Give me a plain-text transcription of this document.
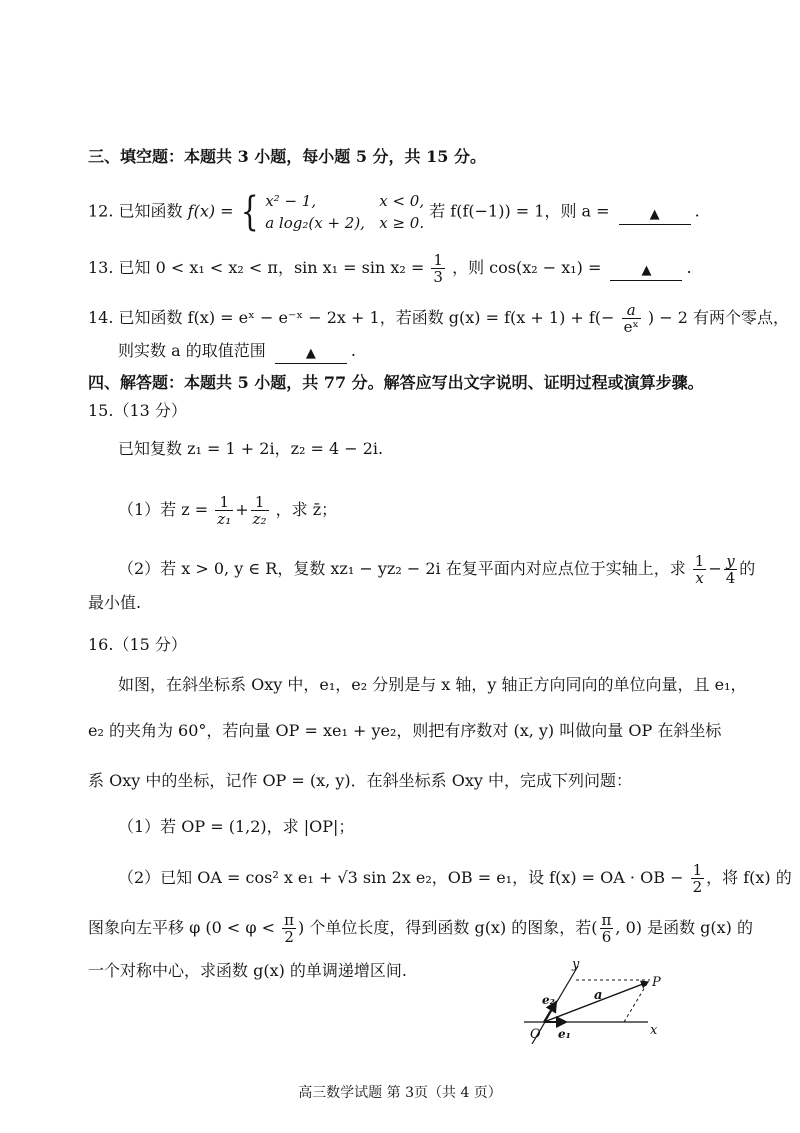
三、填空题：本题共 3 小题，每小题 5 分，共 15 分。
12. 已知函数 f(x) = { x² − 1,	x < 0,
a log₂(x + 2), x ≥ 0.
若 f(f(−1)) = 1，则 a =	▲ .
13. 已知 0 < x₁ < x₂ < π，$\sin x_1 = \sin x_2 = \frac{1}{3}$ ，则 cos(x₂ − x₁) =	▲ .
14. 已知函数 f(x) = eˣ − e⁻ˣ − 2x + 1，若函数 $g(x) = f(x + 1) + f(- \frac{a}{\text{eˣ}}$ ) − 2 有两个零点，
则实数 a 的取值范围	▲ .
四、解答题：本题共 5 小题，共 77 分。解答应写出文字说明、证明过程或演算步骤。
15.（13 分）
已知复数 z₁ = 1 + 2i，z₂ = 4 − 2i.
（1）若 $z = \frac{1}{\text{z₁}} + \frac{1}{\text{z₂}}$ ，求 z̄；
（2）若 x > 0, y ∈ R，复数 xz₁ − yz₂ − 2i 在复平面内对应点位于实轴上，求 $\frac{1}{x} - \frac{y}{4}$ 的
最小值.
16.（15 分）
如图，在斜坐标系 Oxy 中，e₁，e₂ 分别是与 x 轴，y 轴正方向同向的单位向量，且 e₁，
e₂ 的夹角为 60°，若向量 OP = xe₁ + ye₂，则把有序数对 (x, y) 叫做向量 OP 在斜坐标
系 Oxy 中的坐标，记作 OP = (x, y)．在斜坐标系 Oxy 中，完成下列问题：
（1）若 OP = (1,2)，求 |OP|；
（2）已知 OA = cos² x e₁ + √3 sin 2x e₂，OB = e₁，设 f(x) = OA · OB − $\frac{1}{2}$ ，将 f(x) 的
图象向左平移 φ ($0 < \varphi < \frac{\pi}{2}$ ) 个单位长度，得到函数 g(x) 的图象，若( $\frac{\pi}{6}$ , 0) 是函数 g(x) 的
一个对称中心，求函数 g(x) 的单调递增区间.	y
x
P
a
e₁
e₂
O
高三数学试题 第 3页（共 4 页）
